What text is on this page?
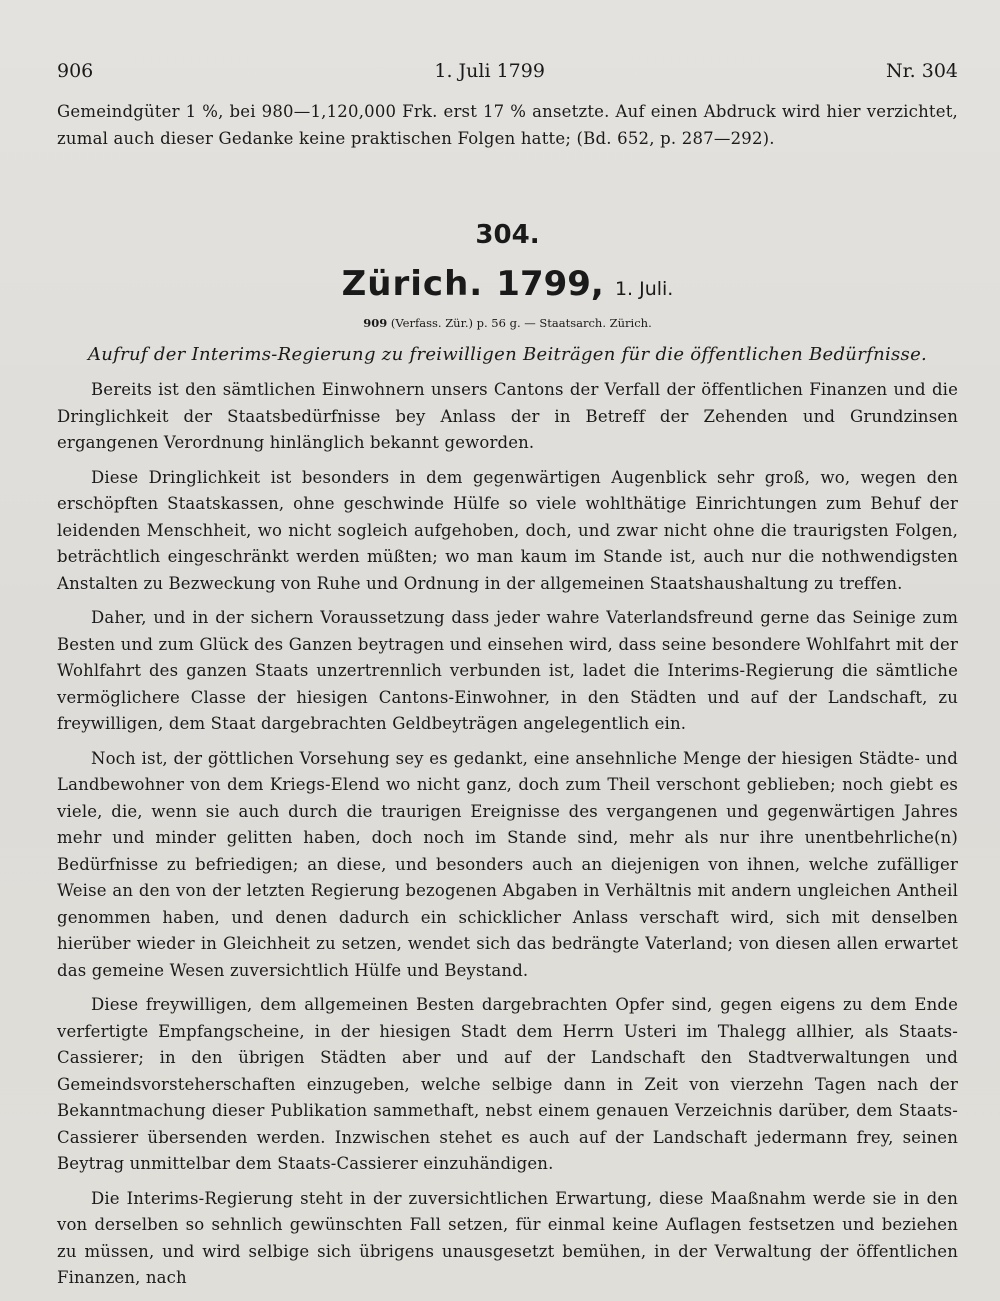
906	1. Juli 1799	Nr. 304

Gemeindgüter 1 %, bei 980—1,120,000 Frk. erst 17 % ansetzte. Auf einen Abdruck wird hier verzichtet, zumal auch dieser Gedanke keine praktischen Folgen hatte; (Bd. 652, p. 287—292).

304.
Zürich. 1799, 1. Juli.
909 (Verfass. Zür.) p. 56 g. — Staatsarch. Zürich.
Aufruf der Interims-Regierung zu freiwilligen Beiträgen für die öffentlichen Bedürfnisse.

Bereits ist den sämtlichen Einwohnern unsers Cantons der Verfall der öffentlichen Finanzen und die Dringlichkeit der Staatsbedürfnisse bey Anlass der in Betreff der Zehenden und Grundzinsen ergangenen Verordnung hinlänglich bekannt geworden.

Diese Dringlichkeit ist besonders in dem gegenwärtigen Augenblick sehr groß, wo, wegen den erschöpften Staatskassen, ohne geschwinde Hülfe so viele wohlthätige Einrichtungen zum Behuf der leidenden Menschheit, wo nicht sogleich aufgehoben, doch, und zwar nicht ohne die traurigsten Folgen, beträchtlich eingeschränkt werden müßten; wo man kaum im Stande ist, auch nur die nothwendigsten Anstalten zu Bezweckung von Ruhe und Ordnung in der allgemeinen Staatshaushaltung zu treffen.

Daher, und in der sichern Voraussetzung dass jeder wahre Vaterlandsfreund gerne das Seinige zum Besten und zum Glück des Ganzen beytragen und einsehen wird, dass seine besondere Wohlfahrt mit der Wohlfahrt des ganzen Staats unzertrennlich verbunden ist, ladet die Interims-Regierung die sämtliche vermöglichere Classe der hiesigen Cantons-Einwohner, in den Städten und auf der Landschaft, zu freywilligen, dem Staat dargebrachten Geldbeyträgen angelegentlich ein.

Noch ist, der göttlichen Vorsehung sey es gedankt, eine ansehnliche Menge der hiesigen Städte- und Landbewohner von dem Kriegs-Elend wo nicht ganz, doch zum Theil verschont geblieben; noch giebt es viele, die, wenn sie auch durch die traurigen Ereignisse des vergangenen und gegenwärtigen Jahres mehr und minder gelitten haben, doch noch im Stande sind, mehr als nur ihre unentbehrliche(n) Bedürfnisse zu befriedigen; an diese, und besonders auch an diejenigen von ihnen, welche zufälliger Weise an den von der letzten Regierung bezogenen Abgaben in Verhältnis mit andern ungleichen Antheil genommen haben, und denen dadurch ein schicklicher Anlass verschaft wird, sich mit denselben hierüber wieder in Gleichheit zu setzen, wendet sich das bedrängte Vaterland; von diesen allen erwartet das gemeine Wesen zuversichtlich Hülfe und Beystand.

Diese freywilligen, dem allgemeinen Besten dargebrachten Opfer sind, gegen eigens zu dem Ende verfertigte Empfangscheine, in der hiesigen Stadt dem Herrn Usteri im Thalegg allhier, als Staats-Cassierer; in den übrigen Städten aber und auf der Landschaft den Stadtverwaltungen und Gemeindsvorsteherschaften einzugeben, welche selbige dann in Zeit von vierzehn Tagen nach der Bekanntmachung dieser Publikation sammethaft, nebst einem genauen Verzeichnis darüber, dem Staats-Cassierer übersenden werden. Inzwischen stehet es auch auf der Landschaft jedermann frey, seinen Beytrag unmittelbar dem Staats-Cassierer einzuhändigen.

Die Interims-Regierung steht in der zuversichtlichen Erwartung, diese Maaßnahm werde sie in den von derselben so sehnlich gewünschten Fall setzen, für einmal keine Auflagen festsetzen und beziehen zu müssen, und wird selbige sich übrigens unausgesetzt bemühen, in der Verwaltung der öffentlichen Finanzen, nach
